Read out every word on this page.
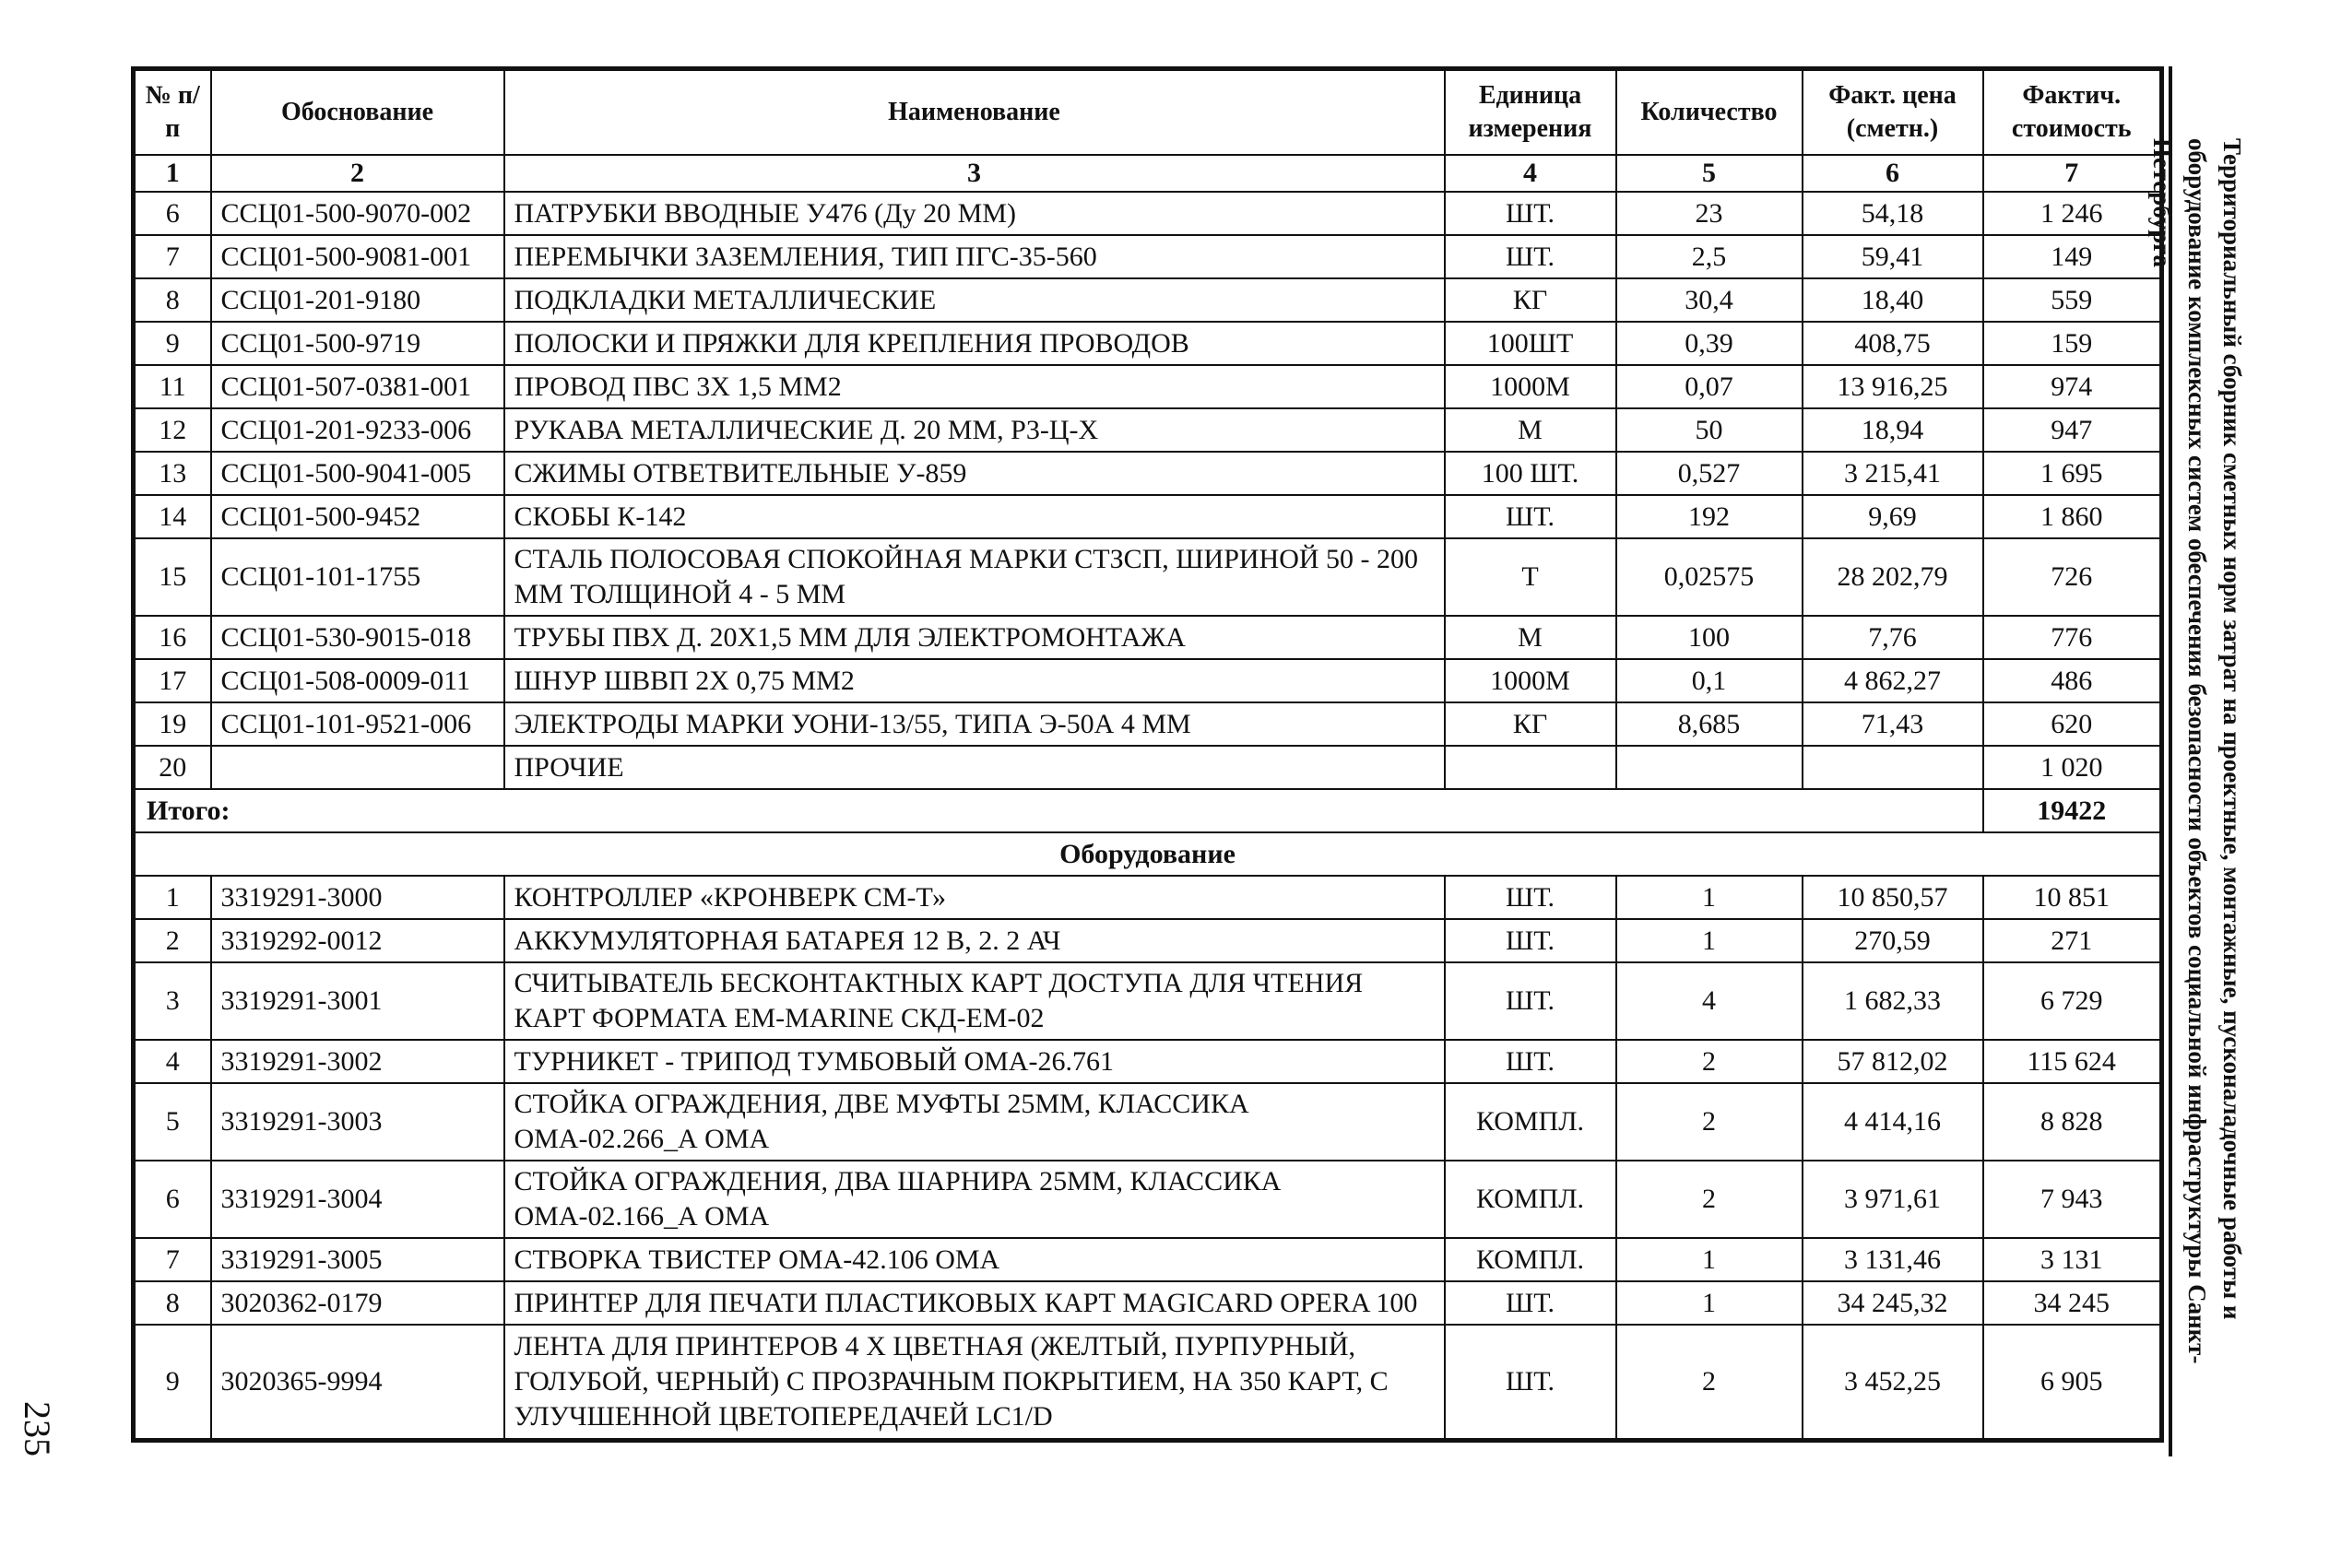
№ п/п	Обоснование	Наименование	Единица измерения	Количество	Факт. цена (сметн.)	Фактич. стоимость
1	2	3	4	5	6	7
6	ССЦ01-500-9070-002	ПАТРУБКИ ВВОДНЫЕ У476 (Ду 20 ММ)	ШТ.	23	54,18	1 246
7	ССЦ01-500-9081-001	ПЕРЕМЫЧКИ ЗАЗЕМЛЕНИЯ, ТИП ПГС-35-560	ШТ.	2,5	59,41	149
8	ССЦ01-201-9180	ПОДКЛАДКИ МЕТАЛЛИЧЕСКИЕ	КГ	30,4	18,40	559
9	ССЦ01-500-9719	ПОЛОСКИ И ПРЯЖКИ ДЛЯ КРЕПЛЕНИЯ ПРОВОДОВ	100ШТ	0,39	408,75	159
11	ССЦ01-507-0381-001	ПРОВОД ПВС 3X 1,5 ММ2	1000М	0,07	13 916,25	974
12	ССЦ01-201-9233-006	РУКАВА МЕТАЛЛИЧЕСКИЕ Д. 20 ММ, Р3-Ц-Х	М	50	18,94	947
13	ССЦ01-500-9041-005	СЖИМЫ ОТВЕТВИТЕЛЬНЫЕ У-859	100 ШТ.	0,527	3 215,41	1 695
14	ССЦ01-500-9452	СКОБЫ К-142	ШТ.	192	9,69	1 860
15	ССЦ01-101-1755	СТАЛЬ ПОЛОСОВАЯ СПОКОЙНАЯ МАРКИ СТЗСП, ШИРИНОЙ 50 - 200 ММ ТОЛЩИНОЙ 4 - 5 ММ	Т	0,02575	28 202,79	726
16	ССЦ01-530-9015-018	ТРУБЫ ПВХ Д. 20Х1,5 ММ ДЛЯ ЭЛЕКТРОМОНТАЖА	М	100	7,76	776
17	ССЦ01-508-0009-011	ШНУР ШВВП 2X 0,75 ММ2	1000М	0,1	4 862,27	486
19	ССЦ01-101-9521-006	ЭЛЕКТРОДЫ МАРКИ УОНИ-13/55, ТИПА Э-50А 4 ММ	КГ	8,685	71,43	620
20		ПРОЧИЕ				1 020
Итого:						19422
Оборудование						
1	3319291-3000	КОНТРОЛЛЕР «КРОНВЕРК СМ-Т»	ШТ.	1	10 850,57	10 851
2	3319292-0012	АККУМУЛЯТОРНАЯ БАТАРЕЯ 12 В, 2. 2 АЧ	ШТ.	1	270,59	271
3	3319291-3001	СЧИТЫВАТЕЛЬ БЕСКОНТАКТНЫХ КАРТ ДОСТУПА ДЛЯ ЧТЕНИЯ КАРТ ФОРМАТА EM-MARINE СКД-ЕМ-02	ШТ.	4	1 682,33	6 729
4	3319291-3002	ТУРНИКЕТ - ТРИПОД ТУМБОВЫЙ ОМА-26.761	ШТ.	2	57 812,02	115 624
5	3319291-3003	СТОЙКА ОГРАЖДЕНИЯ, ДВЕ МУФТЫ 25ММ, КЛАССИКА ОМА-02.266_А ОМА	КОМПЛ.	2	4 414,16	8 828
6	3319291-3004	СТОЙКА ОГРАЖДЕНИЯ, ДВА ШАРНИРА 25ММ, КЛАССИКА ОМА-02.166_А ОМА	КОМПЛ.	2	3 971,61	7 943
7	3319291-3005	СТВОРКА ТВИСТЕР ОМА-42.106 ОМА	КОМПЛ.	1	3 131,46	3 131
8	3020362-0179	ПРИНТЕР ДЛЯ ПЕЧАТИ ПЛАСТИКОВЫХ КАРТ MAGICARD OPERA 100	ШТ.	1	34 245,32	34 245
9	3020365-9994	ЛЕНТА ДЛЯ ПРИНТЕРОВ 4 Х ЦВЕТНАЯ (ЖЕЛТЫЙ, ПУРПУРНЫЙ, ГОЛУБОЙ, ЧЕРНЫЙ) С ПРОЗРАЧНЫМ ПОКРЫТИЕМ, НА 350 КАРТ, С УЛУЧШЕННОЙ ЦВЕТОПЕРЕДАЧЕЙ LC1/D	ШТ.	2	3 452,25	6 905
Территориальный сборник сметных норм затрат на проектные, монтажные, пусконаладочные работы и оборудование комплексных систем обеспечения безопасности объектов социальной инфраструктуры Санкт-Петербурга
235
